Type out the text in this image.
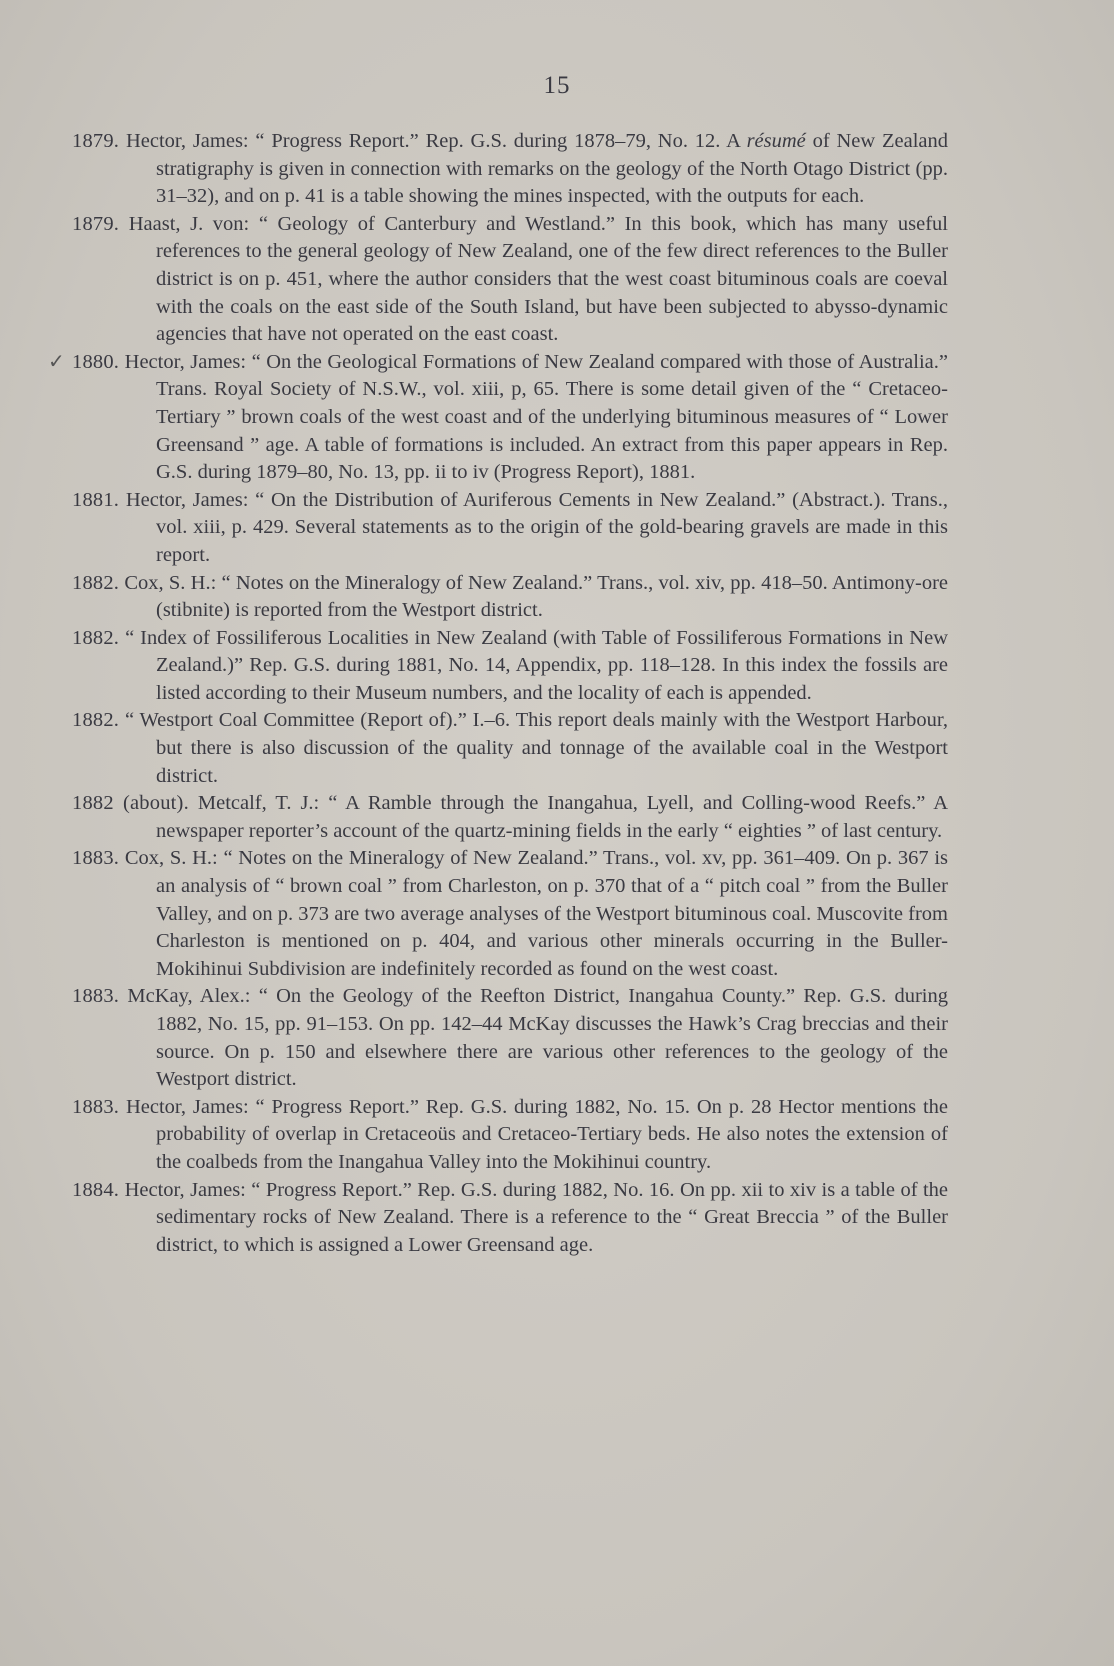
15

1879. Hector, James: “ Progress Report.” Rep. G.S. during 1878–79, No. 12. A résumé of New Zealand stratigraphy is given in connection with remarks on the geology of the North Otago District (pp. 31–32), and on p. 41 is a table showing the mines inspected, with the outputs for each.

1879. Haast, J. von: “ Geology of Canterbury and Westland.” In this book, which has many useful references to the general geology of New Zealand, one of the few direct references to the Buller district is on p. 451, where the author considers that the west coast bituminous coals are coeval with the coals on the east side of the South Island, but have been subjected to abysso-dynamic agencies that have not operated on the east coast.

✓ 1880. Hector, James: “ On the Geological Formations of New Zealand compared with those of Australia.” Trans. Royal Society of N.S.W., vol. xiii, p, 65. There is some detail given of the “ Cretaceo-Tertiary ” brown coals of the west coast and of the underlying bituminous measures of “ Lower Greensand ” age. A table of formations is included. An extract from this paper appears in Rep. G.S. during 1879–80, No. 13, pp. ii to iv (Progress Report), 1881.

1881. Hector, James: “ On the Distribution of Auriferous Cements in New Zealand.” (Abstract.). Trans., vol. xiii, p. 429. Several statements as to the origin of the gold-bearing gravels are made in this report.

1882. Cox, S. H.: “ Notes on the Mineralogy of New Zealand.” Trans., vol. xiv, pp. 418–50. Antimony-ore (stibnite) is reported from the Westport district.

1882. “ Index of Fossiliferous Localities in New Zealand (with Table of Fossiliferous Formations in New Zealand.)” Rep. G.S. during 1881, No. 14, Appendix, pp. 118–128. In this index the fossils are listed according to their Museum numbers, and the locality of each is appended.

1882. “ Westport Coal Committee (Report of).” I.–6. This report deals mainly with the Westport Harbour, but there is also discussion of the quality and tonnage of the available coal in the Westport district.

1882 (about). Metcalf, T. J.: “ A Ramble through the Inangahua, Lyell, and Colling-wood Reefs.” A newspaper reporter’s account of the quartz-mining fields in the early “ eighties ” of last century.

1883. Cox, S. H.: “ Notes on the Mineralogy of New Zealand.” Trans., vol. xv, pp. 361–409. On p. 367 is an analysis of “ brown coal ” from Charleston, on p. 370 that of a “ pitch coal ” from the Buller Valley, and on p. 373 are two average analyses of the Westport bituminous coal. Muscovite from Charleston is mentioned on p. 404, and various other minerals occurring in the Buller-Mokihinui Subdivision are indefinitely recorded as found on the west coast.

1883. McKay, Alex.: “ On the Geology of the Reefton District, Inangahua County.” Rep. G.S. during 1882, No. 15, pp. 91–153. On pp. 142–44 McKay discusses the Hawk’s Crag breccias and their source. On p. 150 and elsewhere there are various other references to the geology of the Westport district.

1883. Hector, James: “ Progress Report.” Rep. G.S. during 1882, No. 15. On p. 28 Hector mentions the probability of overlap in Cretaceoüs and Cretaceo-Tertiary beds. He also notes the extension of the coalbeds from the Inangahua Valley into the Mokihinui country.

1884. Hector, James: “ Progress Report.” Rep. G.S. during 1882, No. 16. On pp. xii to xiv is a table of the sedimentary rocks of New Zealand. There is a reference to the “ Great Breccia ” of the Buller district, to which is assigned a Lower Greensand age.
